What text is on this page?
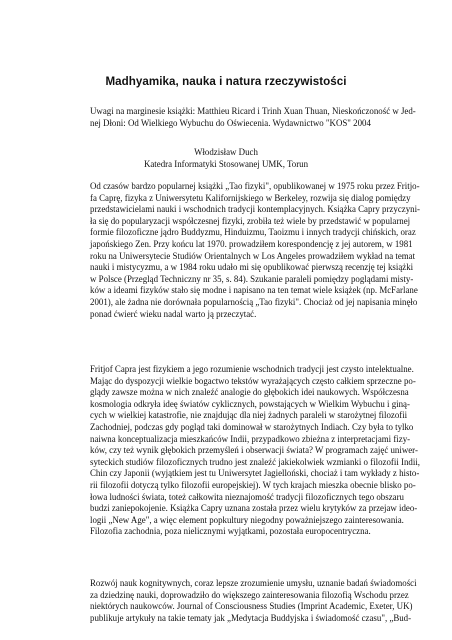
Madhyamika, nauka i natura rzeczywistości
Uwagi na marginesie książki: Matthieu Ricard i Trinh Xuan Thuan, Nieskończoność w Jed-
nej Dłoni: Od Wielkiego Wybuchu do Oświecenia. Wydawnictwo "KOS" 2004
Włodzisław Duch
Katedra Informatyki Stosowanej UMK, Torun
Od czasów bardzo popularnej książki „Tao fizyki", opublikowanej w 1975 roku przez Fritjo-
fa Caprę, fizyka z Uniwersytetu Kalifornijskiego w Berkeley, rozwija się dialog pomiędzy
przedstawicielami nauki i wschodnich tradycji kontemplacyjnych. Książka Capry przyczyni-
ła się do popularyzacji współczesnej fizyki, zrobiła też wiele by przedstawić w popularnej
formie filozoficzne jądro Buddyzmu, Hinduizmu, Taoizmu i innych tradycji chińskich, oraz
japońskiego Zen. Przy końcu lat 1970. prowadziłem korespondencję z jej autorem, w 1981
roku na Uniwersytecie Studiów Orientalnych w Los Angeles prowadziłem wykład na temat
nauki i mistycyzmu, a w 1984 roku udało mi się opublikować pierwszą recenzję tej książki
w Polsce (Przegląd Techniczny nr 35, s. 84). Szukanie paraleli pomiędzy poglądami misty-
ków a ideami fizyków stało się modne i napisano na ten temat wiele książek (np. McFarlane
2001), ale żadna nie dorównała popularnością „Tao fizyki". Chociaż od jej napisania minęło
ponad ćwierć wieku nadal warto ją przeczytać.
Fritjof Capra jest fizykiem a jego rozumienie wschodnich tradycji jest czysto intelektualne.
Mając do dyspozycji wielkie bogactwo tekstów wyrażających często całkiem sprzeczne po-
glądy zawsze można w nich znaleźć analogie do głębokich idei naukowych. Współczesna
kosmologia odkryła ideę światów cyklicznych, powstających w Wielkim Wybuchu i giną-
cych w wielkiej katastrofie, nie znajdując dla niej żadnych paraleli w starożytnej filozofii
Zachodniej, podczas gdy pogląd taki dominował w starożytnych Indiach. Czy była to tylko
naiwna konceptualizacja mieszkańców Indii, przypadkowo zbieżna z interpretacjami fizy-
ków, czy też wynik głębokich przemyśleń i obserwacji świata? W programach zajęć uniwer-
syteckich studiów filozoficznych trudno jest znaleźć jakiekolwiek wzmianki o filozofii Indii,
Chin czy Japonii (wyjątkiem jest tu Uniwersytet Jagielloński, chociaż i tam wykłady z histo-
rii filozofii dotyczą tylko filozofii europejskiej). W tych krajach mieszka obecnie blisko po-
łowa ludności świata, toteż całkowita nieznajomość tradycji filozoficznych tego obszaru
budzi zaniepokojenie. Książka Capry uznana została przez wielu krytyków za przejaw ideo-
logii „New Age", a więc element popkultury niegodny poważniejszego zainteresowania.
Filozofia zachodnia, poza nielicznymi wyjątkami, pozostała europocentryczna.
Rozwój nauk kognitywnych, coraz lepsze zrozumienie umysłu, uznanie badań świadomości
za dziedzinę nauki, doprowadziło do większego zainteresowania filozofią Wschodu przez
niektórych naukowców. Journal of Consciousness Studies (Imprint Academic, Exeter, UK)
publikuje artykuły na takie tematy jak „Medytacja Buddyjska i świadomość czasu", „Bud-
